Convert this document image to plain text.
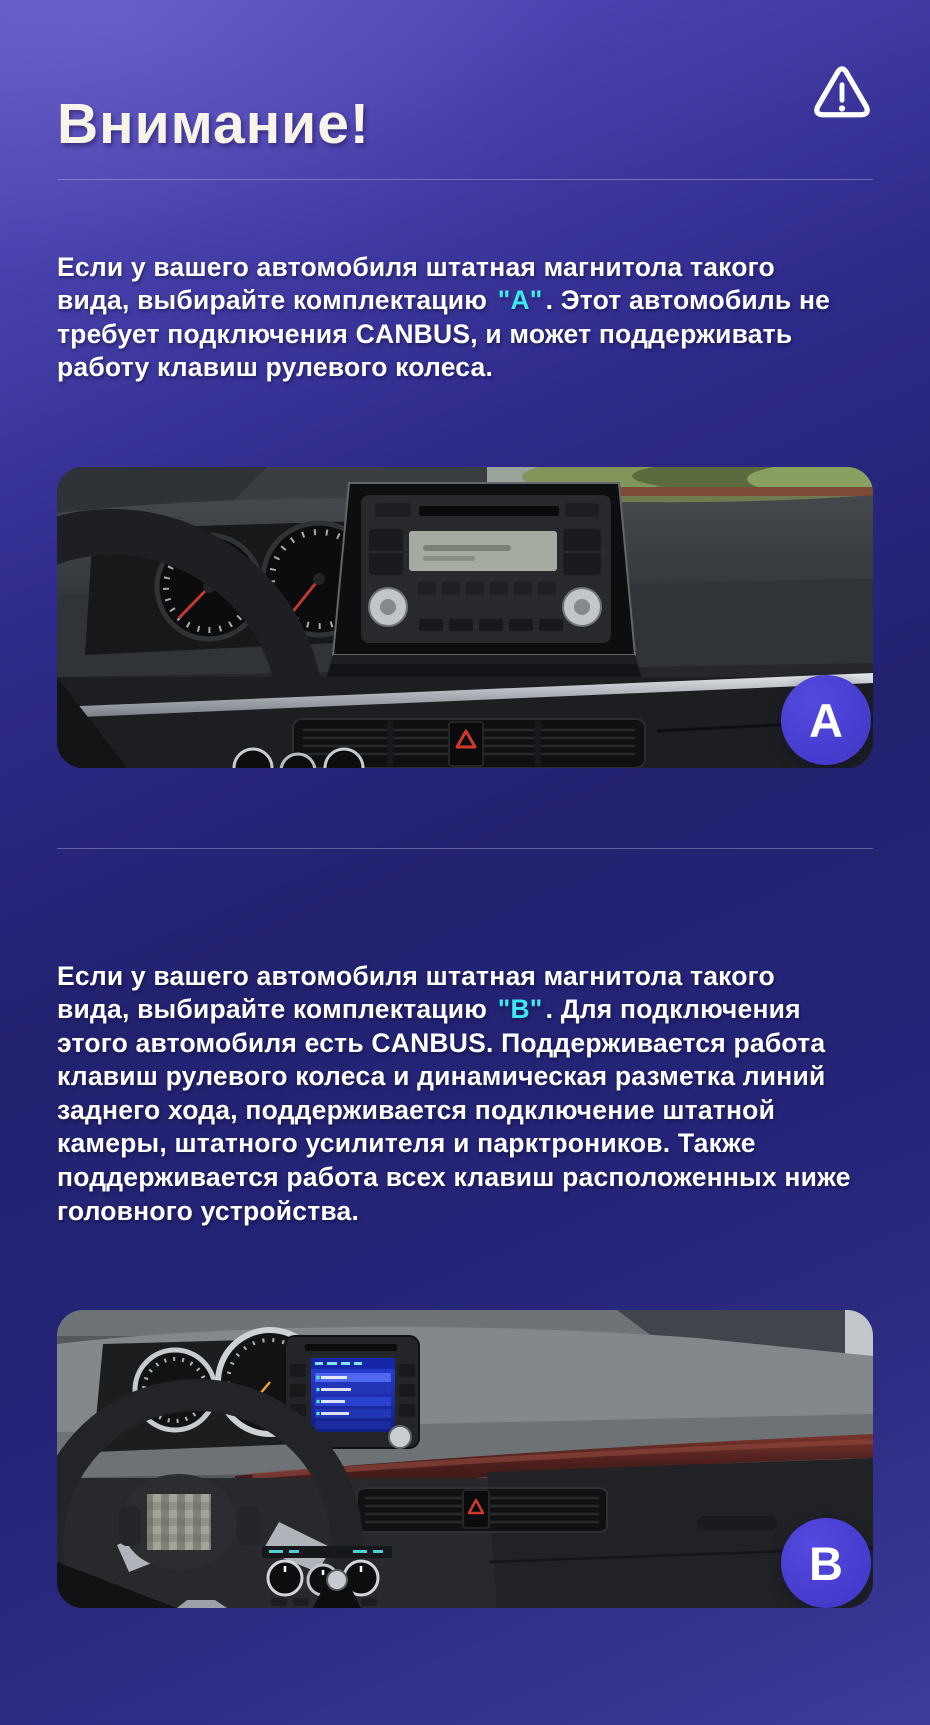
Внимание!

Если у вашего автомобиля штатная магнитола такого вида, выбирайте комплектацию "A" . Этот автомобиль не требует подключения CANBUS, и может поддерживать работу клавиш рулевого колеса.

A

Если у вашего автомобиля штатная магнитола такого вида, выбирайте комплектацию "B" . Для подключения этого автомобиля есть CANBUS. Поддерживается работа клавиш рулевого колеса и динамическая разметка линий заднего хода, поддерживается подключение штатной камеры, штатного усилителя и парктроников. Также поддерживается работа всех клавиш расположенных ниже головного устройства.

B
